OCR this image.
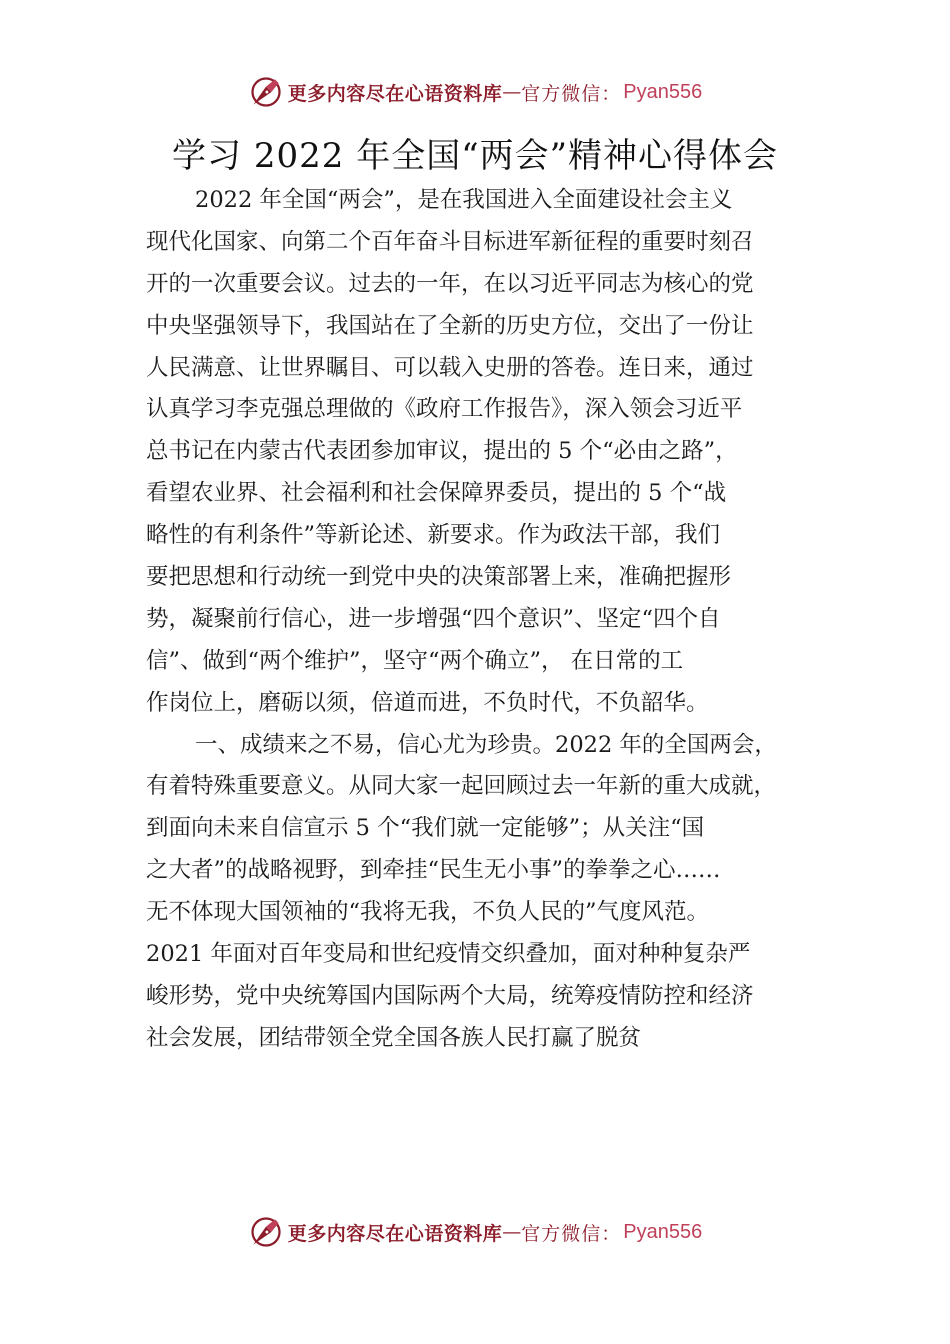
更多内容尽在心语资料库 — 官方微信： Pyan556
学习 2022 年全国“两会”精神心得体会
2022 年全国“两会”，是在我国进入全面建设社会主义
现代化国家、向第二个百年奋斗目标进军新征程的重要时刻召
开的一次重要会议。过去的一年，在以习近平同志为核心的党
中央坚强领导下，我国站在了全新的历史方位，交出了一份让
人民满意、让世界瞩目、可以载入史册的答卷。连日来，通过
认真学习李克强总理做的《政府工作报告》，深入领会习近平
总书记在内蒙古代表团参加审议，提出的 5 个“必由之路”，
看望农业界、社会福利和社会保障界委员，提出的 5 个“战
略性的有利条件”等新论述、新要求。作为政法干部，我们
要把思想和行动统一到党中央的决策部署上来，准确把握形
势，凝聚前行信心，进一步增强“四个意识”、坚定“四个自
信”、做到“两个维护”，坚守“两个确立”， 在日常的工
作岗位上，磨砺以须，倍道而进，不负时代，不负韶华。
一、成绩来之不易，信心尤为珍贵。2022 年的全国两会，
有着特殊重要意义。从同大家一起回顾过去一年新的重大成就，
到面向未来自信宣示 5 个“我们就一定能够”；从关注“国
之大者”的战略视野，到牵挂“民生无小事”的拳拳之心……
无不体现大国领袖的“我将无我，不负人民的”气度风范。
2021 年面对百年变局和世纪疫情交织叠加，面对种种复杂严
峻形势，党中央统筹国内国际两个大局，统筹疫情防控和经济
社会发展，团结带领全党全国各族人民打赢了脱贫
更多内容尽在心语资料库 — 官方微信： Pyan556
